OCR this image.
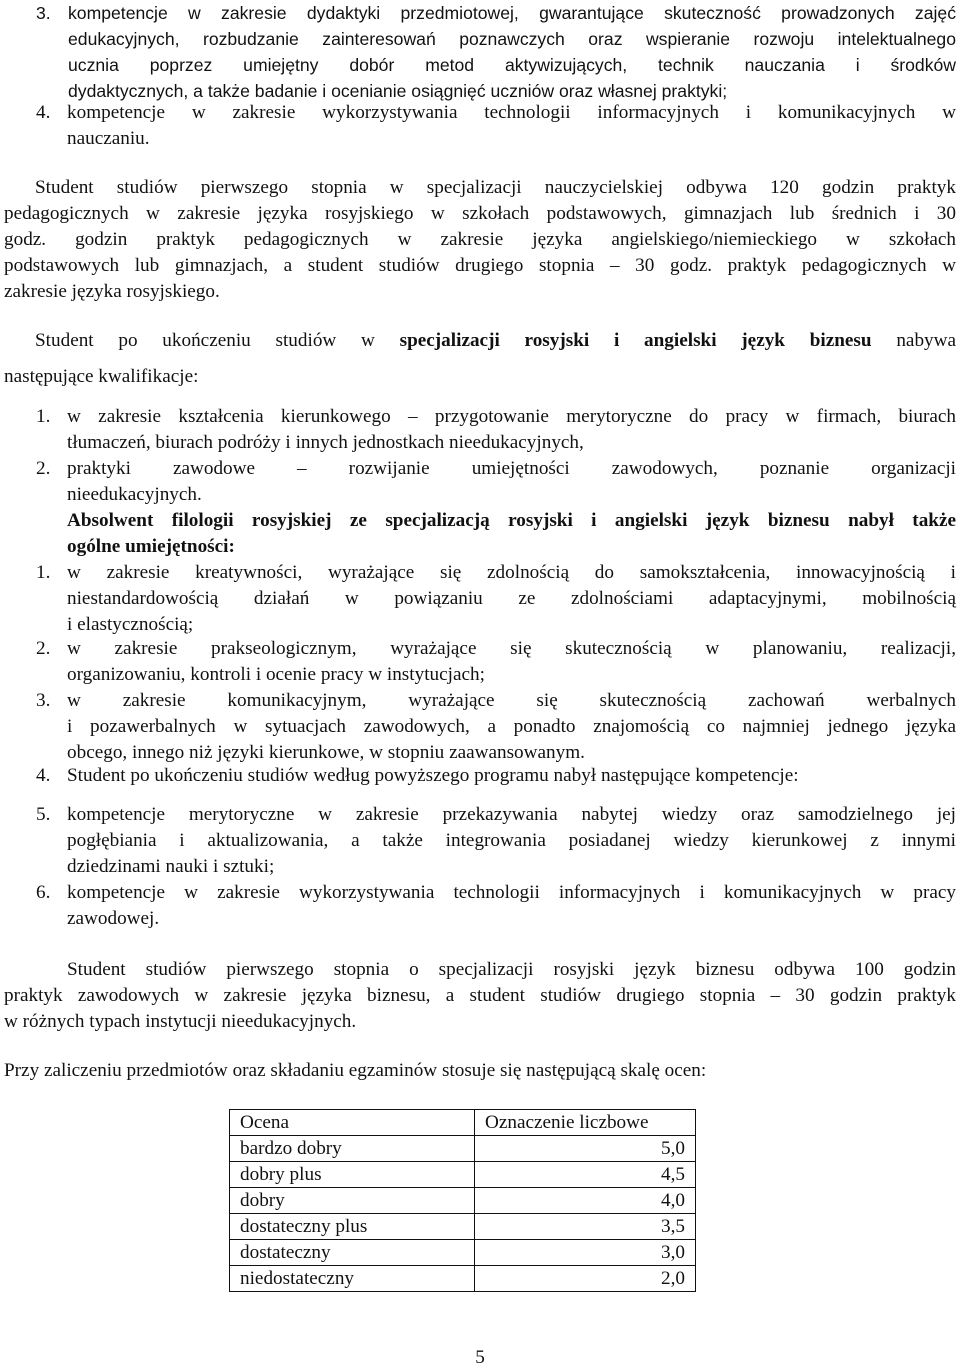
3. kompetencje w zakresie dydaktyki przedmiotowej, gwarantujące skuteczność prowadzonych zajęć
edukacyjnych, rozbudzanie zainteresowań poznawczych oraz wspieranie rozwoju intelektualnego
ucznia poprzez umiejętny dobór metod aktywizujących, technik nauczania i środków
dydaktycznych, a także badanie i ocenianie osiągnięć uczniów oraz własnej praktyki;
4. kompetencje w zakresie wykorzystywania technologii informacyjnych i komunikacyjnych w
nauczaniu.
Student studiów pierwszego stopnia w specjalizacji nauczycielskiej odbywa 120 godzin praktyk
pedagogicznych w zakresie języka rosyjskiego w szkołach podstawowych, gimnazjach lub średnich i 30
godz. godzin praktyk pedagogicznych w zakresie języka angielskiego/niemieckiego w szkołach
podstawowych lub gimnazjach, a student studiów drugiego stopnia – 30 godz. praktyk pedagogicznych w
zakresie języka rosyjskiego.
Student po ukończeniu studiów w specjalizacji rosyjski i angielski język biznesu nabywa
następujące kwalifikacje:
1. w zakresie kształcenia kierunkowego – przygotowanie merytoryczne do pracy w firmach, biurach
tłumaczeń, biurach podróży i innych jednostkach nieedukacyjnych,
2. praktyki zawodowe – rozwijanie umiejętności zawodowych, poznanie organizacji
nieedukacyjnych.
Absolwent filologii rosyjskiej ze specjalizacją rosyjski i angielski język biznesu nabył także
ogólne umiejętności:
1. w zakresie kreatywności, wyrażające się zdolnością do samokształcenia, innowacyjnością i
niestandardowością działań w powiązaniu ze zdolnościami adaptacyjnymi, mobilnością
i elastycznością;
2. w zakresie prakseologicznym, wyrażające się skutecznością w planowaniu, realizacji,
organizowaniu, kontroli i ocenie pracy w instytucjach;
3. w zakresie komunikacyjnym, wyrażające się skutecznością zachowań werbalnych
i pozawerbalnych w sytuacjach zawodowych, a ponadto znajomością co najmniej jednego języka
obcego, innego niż języki kierunkowe, w stopniu zaawansowanym.
4. Student po ukończeniu studiów według powyższego programu nabył następujące kompetencje:
5. kompetencje merytoryczne w zakresie przekazywania nabytej wiedzy oraz samodzielnego jej
pogłębiania i aktualizowania, a także integrowania posiadanej wiedzy kierunkowej z innymi
dziedzinami nauki i sztuki;
6. kompetencje w zakresie wykorzystywania technologii informacyjnych i komunikacyjnych w pracy
zawodowej.
Student studiów pierwszego stopnia o specjalizacji rosyjski język biznesu odbywa 100 godzin
praktyk zawodowych w zakresie języka biznesu, a student studiów drugiego stopnia – 30 godzin praktyk
w różnych typach instytucji nieedukacyjnych.
Przy zaliczeniu przedmiotów oraz składaniu egzaminów stosuje się następującą skalę ocen:
Ocena	Oznaczenie liczbowe
bardzo dobry	5,0
dobry plus	4,5
dobry	4,0
dostateczny plus	3,5
dostateczny	3,0
niedostateczny	2,0
5
